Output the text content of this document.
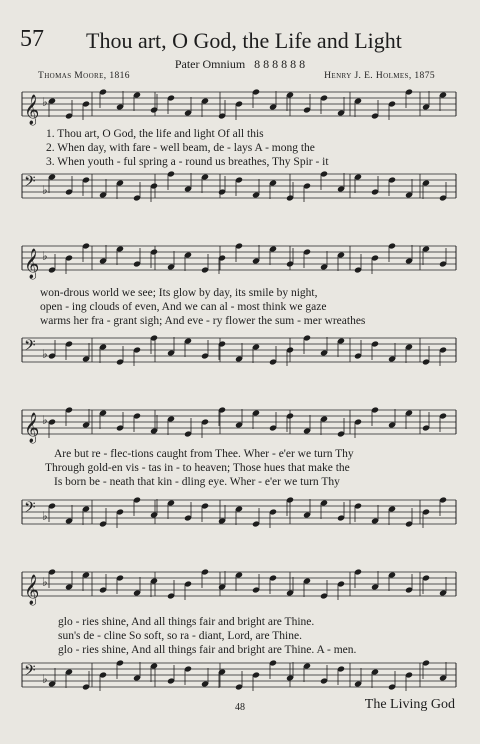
57 Thou art, O God, the Life and Light
Pater Omnium 8 8 8 8 8 8
Thomas Moore, 1816	Henry J. E. Holmes, 1875
𝄞 ♭
1. Thou art, O God, the life and light Of all this
2. When day, with fare - well beam, de - lays A - mong the
3. When youth - ful spring a - round us breathes, Thy Spir - it
𝄢 ♭
𝄞 ♭
won-drous world we see; Its glow by day, its smile by night,
open - ing clouds of even, And we can al - most think we gaze
warms her fra - grant sigh; And eve - ry flower the sum - mer wreathes
𝄢 ♭
𝄞 ♭
Are but re - flec-tions caught from Thee. Wher - e'er we turn Thy
Through gold-en vis - tas in - to heaven; Those hues that make the
Is born be - neath that kin - dling eye. Wher - e'er we turn Thy
𝄢 ♭
𝄞 ♭
glo - ries shine, And all things fair and bright are Thine.
sun's de - cline So soft, so ra - diant, Lord, are Thine.
glo - ries shine, And all things fair and bright are Thine. A - men.
𝄢 ♭
48	The Living God
